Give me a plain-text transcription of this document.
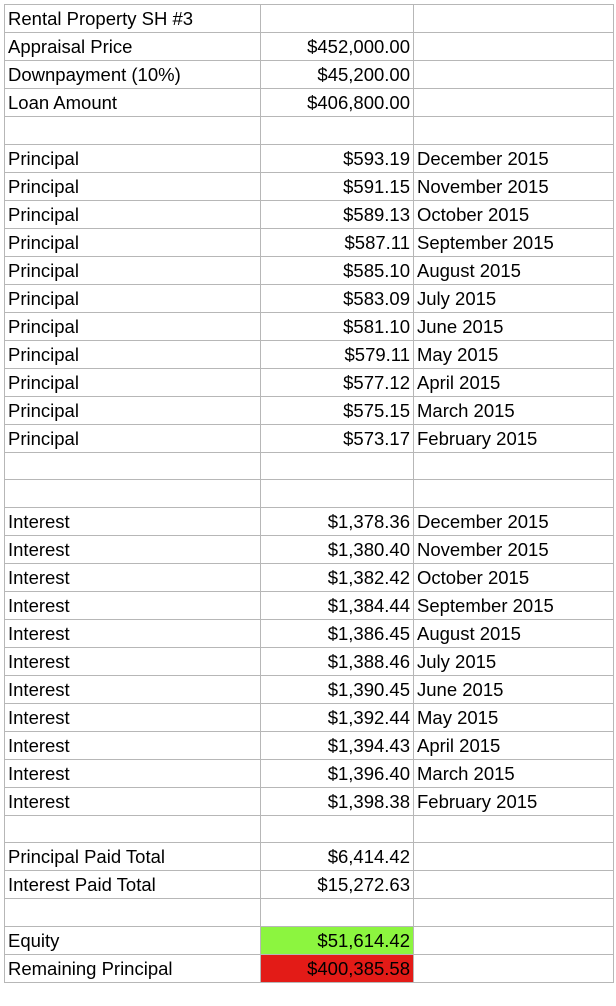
Rental Property SH #3		
Appraisal Price	$452,000.00	
Downpayment (10%)	$45,200.00	
Loan Amount	$406,800.00	

Principal	$593.19	December 2015
Principal	$591.15	November 2015
Principal	$589.13	October 2015
Principal	$587.11	September 2015
Principal	$585.10	August 2015
Principal	$583.09	July 2015
Principal	$581.10	June 2015
Principal	$579.11	May 2015
Principal	$577.12	April 2015
Principal	$575.15	March 2015
Principal	$573.17	February 2015

Interest	$1,378.36	December 2015
Interest	$1,380.40	November 2015
Interest	$1,382.42	October 2015
Interest	$1,384.44	September 2015
Interest	$1,386.45	August 2015
Interest	$1,388.46	July 2015
Interest	$1,390.45	June 2015
Interest	$1,392.44	May 2015
Interest	$1,394.43	April 2015
Interest	$1,396.40	March 2015
Interest	$1,398.38	February 2015

Principal Paid Total	$6,414.42	
Interest Paid Total	$15,272.63	

Equity	$51,614.42	
Remaining Principal	$400,385.58	
